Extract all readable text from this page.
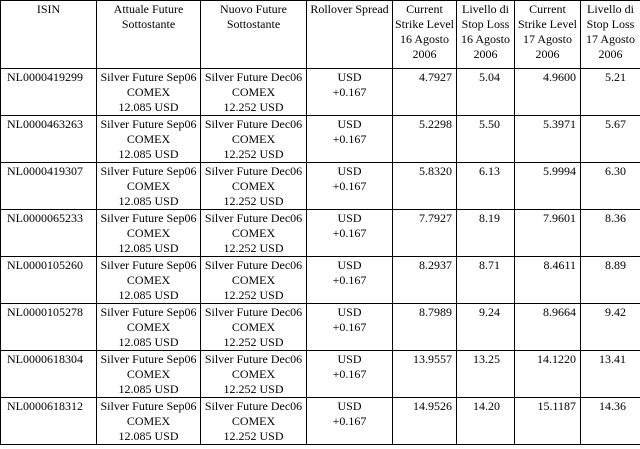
ISIN	Attuale Future Sottostante	Nuovo Future Sottostante	Rollover Spread	Current Strike Level 16 Agosto 2006	Livello di Stop Loss 16 Agosto 2006	Current Strike Level 17 Agosto 2006	Livello di Stop Loss 17 Agosto 2006
NL0000419299	Silver Future Sep06
COMEX
12.085 USD	Silver Future Dec06
COMEX
12.252 USD	USD
+0.167	4.7927	5.04	4.9600	5.21
NL0000463263	Silver Future Sep06
COMEX
12.085 USD	Silver Future Dec06
COMEX
12.252 USD	USD
+0.167	5.2298	5.50	5.3971	5.67
NL0000419307	Silver Future Sep06
COMEX
12.085 USD	Silver Future Dec06
COMEX
12.252 USD	USD
+0.167	5.8320	6.13	5.9994	6.30
NL0000065233	Silver Future Sep06
COMEX
12.085 USD	Silver Future Dec06
COMEX
12.252 USD	USD
+0.167	7.7927	8.19	7.9601	8.36
NL0000105260	Silver Future Sep06
COMEX
12.085 USD	Silver Future Dec06
COMEX
12.252 USD	USD
+0.167	8.2937	8.71	8.4611	8.89
NL0000105278	Silver Future Sep06
COMEX
12.085 USD	Silver Future Dec06
COMEX
12.252 USD	USD
+0.167	8.7989	9.24	8.9664	9.42
NL0000618304	Silver Future Sep06
COMEX
12.085 USD	Silver Future Dec06
COMEX
12.252 USD	USD
+0.167	13.9557	13.25	14.1220	13.41
NL0000618312	Silver Future Sep06
COMEX
12.085 USD	Silver Future Dec06
COMEX
12.252 USD	USD
+0.167	14.9526	14.20	15.1187	14.36
